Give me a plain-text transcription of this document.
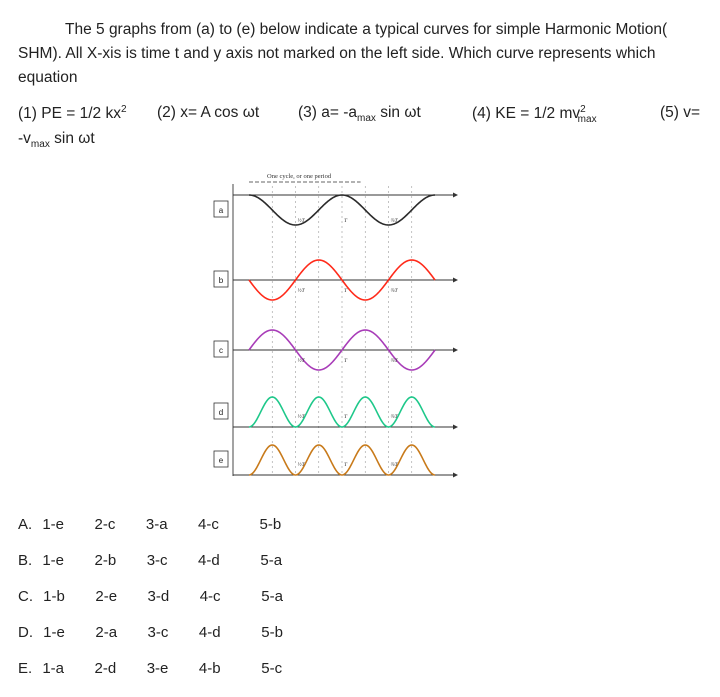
The 5 graphs from (a) to (e) below indicate a typical curves for simple Harmonic Motion( SHM). All X-xis is time t and y axis not marked on the left side. Which curve represents which equation

(1) PE = 1/2 $kx^2$ (2) x= A cos ωt	(3) $a= -a_{max}$ sin ωt	(4) KE = 1/2 $mv^2_{max}$	(5) v=
$-v_{max}$ sin ωt
One cycle, or one period
a
½T	T	¾T
b
½T	T	¾T
c
½T	T	¾T
d	½T	T	¾T
e	½T	T	¾T
A. 1-e   2-c   3-a   4-c    5-b
B. 1-e   2-b   3-c   4-d    5-a
C. 1-b   2-e   3-d   4-c    5-a
D. 1-e   2-a   3-c   4-d    5-b
E. 1-a   2-d   3-e   4-b    5-c
